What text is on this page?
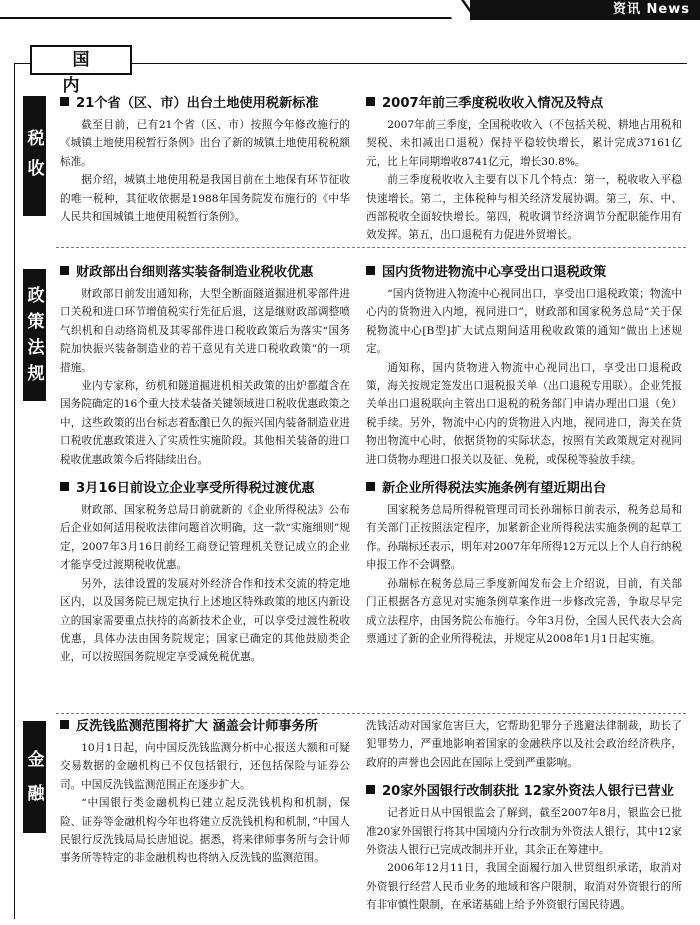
资讯 News
国 内
税收
政策法规
金融
21个省（区、市）出台土地使用税新标准

截至目前，已有21个省（区、市）按照今年修改施行的《城镇土地使用税暂行条例》出台了新的城镇土地使用税税额标准。

据介绍，城镇土地使用税是我国目前在土地保有环节征收的唯一税种，其征收依据是1988年国务院发布施行的《中华人民共和国城镇土地使用税暂行条例》。

2007年前三季度税收收入情况及特点

2007年前三季度，全国税收收入（不包括关税、耕地占用税和契税、未扣减出口退税）保持平稳较快增长，累计完成37161亿元，比上年同期增收8741亿元，增长30.8%。

前三季度税收收入主要有以下几个特点：第一，税收收入平稳快速增长。第二，主体税种与相关经济发展协调。第三，东、中、西部税收全面较快增长。第四，税收调节经济调节分配职能作用有效发挥。第五，出口退税有力促进外贸增长。

财政部出台细则落实装备制造业税收优惠

财政部日前发出通知称，大型全断面隧道掘进机零部件进口关税和进口环节增值税实行先征后退，这是继财政部调整喷气织机和自动络筒机及其零部件进口税收政策后为落实“国务院加快振兴装备制造业的若干意见有关进口税收政策”的一项措施。

业内专家称，纺机和隧道掘进机相关政策的出炉都蕴含在国务院确定的16个重大技术装备关键领域进口税收优惠政策之中，这些政策的出台标志着酝酿已久的振兴国内装备制造业进口税收优惠政策进入了实质性实施阶段。其他相关装备的进口税收优惠政策今后将陆续出台。

3月16日前设立企业享受所得税过渡优惠

财政部、国家税务总局日前就新的《企业所得税法》公布后企业如何适用税收法律问题首次明确，这一款“实施细则”规定，2007年3月16日前经工商登记管理机关登记成立的企业才能享受过渡期税收优惠。

另外，法律设置的发展对外经济合作和技术交流的特定地区内，以及国务院已规定执行上述地区特殊政策的地区内新设立的国家需要重点扶持的高新技术企业，可以享受过渡性税收优惠，具体办法由国务院规定；国家已确定的其他鼓励类企业，可以按照国务院规定享受减免税优惠。

国内货物进物流中心享受出口退税政策

“国内货物进入物流中心视同出口，享受出口退税政策；物流中心内的货物进入内地，视同进口”，财政部和国家税务总局“关于保税物流中心[B型]扩大试点期间适用税收政策的通知”做出上述规定。

通知称，国内货物进入物流中心视同出口，享受出口退税政策，海关按规定签发出口退税报关单（出口退税专用联）。企业凭报关单出口退税联向主管出口退税的税务部门申请办理出口退（免）税手续。另外，物流中心内的货物进入内地，视同进口，海关在货物出物流中心时，依据货物的实际状态，按照有关政策规定对视同进口货物办理进口报关以及征、免税，或保税等验放手续。

新企业所得税法实施条例有望近期出台

国家税务总局所得税管理司司长孙瑞标日前表示，税务总局和有关部门正按照法定程序，加紧新企业所得税法实施条例的起草工作。孙瑞标还表示，明年对2007年年所得12万元以上个人自行纳税申报工作不会调整。

孙瑞标在税务总局三季度新闻发布会上介绍说，目前，有关部门正根据各方意见对实施条例草案作进一步修改完善，争取尽早完成立法程序，由国务院公布施行。今年3月份，全国人民代表大会高票通过了新的企业所得税法，并规定从2008年1月1日起实施。

反洗钱监测范围将扩大 涵盖会计师事务所

10月1日起，向中国反洗钱监测分析中心报送大额和可疑交易数据的金融机构已不仅包括银行，还包括保险与证券公司。中国反洗钱监测范围正在逐步扩大。

“中国银行类金融机构已建立起反洗钱机构和机制，保险、证券等金融机构今年也将建立反洗钱机构和机制，”中国人民银行反洗钱局局长唐旭说。据悉，将来律师事务所与会计师事务所等特定的非金融机构也将纳入反洗钱的监测范围。

洗钱活动对国家危害巨大，它帮助犯罪分子逃避法律制裁，助长了犯罪势力，严重地影响着国家的金融秩序以及社会政治经济秩序，政府的声誉也会因此在国际上受到严重影响。

20家外国银行改制获批 12家外资法人银行已营业

记者近日从中国银监会了解到，截至2007年8月，银监会已批准20家外国银行将其中国境内分行改制为外资法人银行，其中12家外资法人银行已完成改制并开业，其余正在筹建中。

2006年12月11日，我国全面履行加入世贸组织承诺，取消对外资银行经营人民币业务的地域和客户限制，取消对外资银行的所有非审慎性限制，在承诺基础上给予外资银行国民待遇。
